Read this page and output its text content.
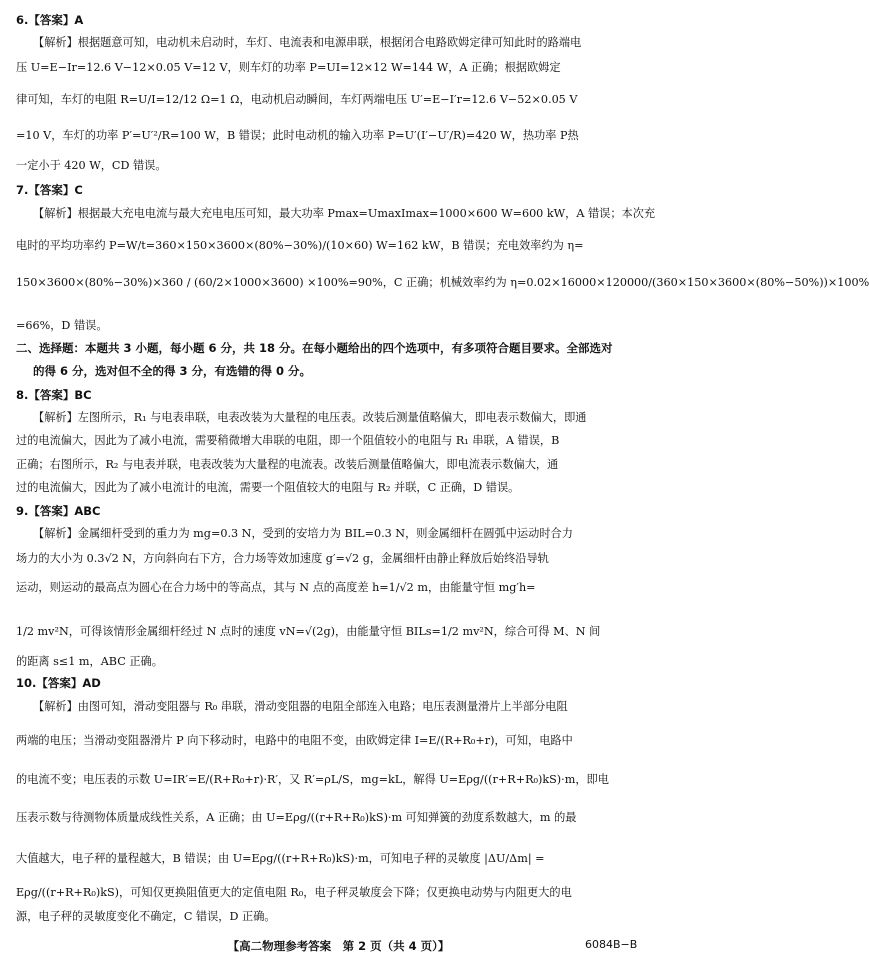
6.【答案】A
【解析】根据题意可知，电动机未启动时，车灯、电流表和电源串联，根据闭合电路欧姆定律可知此时的路端电
压 U=E−Ir=12.6 V−12×0.05 V=12 V，则车灯的功率 P=UI=12×12 W=144 W，A 正确；根据欧姆定
律可知，车灯的电阻 R=U/I=12/12 Ω=1 Ω，电动机启动瞬间，车灯两端电压 U′=E−I′r=12.6 V−52×0.05 V
=10 V，车灯的功率 P′=U′²/R=100 W，B 错误；此时电动机的输入功率 P=U′(I′−U′/R)=420 W，热功率 P热
一定小于 420 W，CD 错误。
7.【答案】C
【解析】根据最大充电电流与最大充电电压可知，最大功率 Pmax=UmaxImax=1000×600 W=600 kW，A 错误；本次充
电时的平均功率约 P=W/t=360×150×3600×(80%−30%)/(10×60) W=162 kW，B 错误；充电效率约为 η=
150×3600×(80%−30%)×360 / (60/2×1000×3600) ×100%=90%，C 正确；机械效率约为 η=0.02×16000×120000/(360×150×3600×(80%−50%))×100%
=66%，D 错误。
二、选择题：本题共 3 小题，每小题 6 分，共 18 分。在每小题给出的四个选项中，有多项符合题目要求。全部选对
的得 6 分，选对但不全的得 3 分，有选错的得 0 分。
8.【答案】BC
【解析】左图所示，R₁ 与电表串联，电表改装为大量程的电压表。改装后测量值略偏大，即电表示数偏大，即通
过的电流偏大，因此为了减小电流，需要稍微增大串联的电阻，即一个阻值较小的电阻与 R₁ 串联，A 错误，B
正确；右图所示，R₂ 与电表并联，电表改装为大量程的电流表。改装后测量值略偏大，即电流表示数偏大，通
过的电流偏大，因此为了减小电流计的电流，需要一个阻值较大的电阻与 R₂ 并联，C 正确，D 错误。
9.【答案】ABC
【解析】金属细杆受到的重力为 mg=0.3 N，受到的安培力为 BIL=0.3 N，则金属细杆在圆弧中运动时合力
场力的大小为 0.3√2 N，方向斜向右下方，合力场等效加速度 g′=√2 g，金属细杆由静止释放后始终沿导轨
运动，则运动的最高点为圆心在合力场中的等高点，其与 N 点的高度差 h=1/√2 m，由能量守恒 mg′h=
1/2 mv²N，可得该情形金属细杆经过 N 点时的速度 vN=√(2g)，由能量守恒 BILs=1/2 mv²N，综合可得 M、N 间
的距离 s≤1 m，ABC 正确。
10.【答案】AD
【解析】由图可知，滑动变阻器与 R₀ 串联，滑动变阻器的电阻全部连入电路；电压表测量滑片上半部分电阻
两端的电压；当滑动变阻器滑片 P 向下移动时，电路中的电阻不变，由欧姆定律 I=E/(R+R₀+r)，可知，电路中
的电流不变；电压表的示数 U=IR′=E/(R+R₀+r)·R′，又 R′=ρL/S，mg=kL，解得 U=Eρg/((r+R+R₀)kS)·m，即电
压表示数与待测物体质量成线性关系，A 正确；由 U=Eρg/((r+R+R₀)kS)·m 可知弹簧的劲度系数越大，m 的最
大值越大，电子秤的量程越大，B 错误；由 U=Eρg/((r+R+R₀)kS)·m，可知电子秤的灵敏度 |ΔU/Δm| =
Eρg/((r+R+R₀)kS)，可知仅更换阻值更大的定值电阻 R₀，电子秤灵敏度会下降；仅更换电动势与内阻更大的电
源，电子秤的灵敏度变化不确定，C 错误，D 正确。
【高二物理参考答案　第 2 页（共 4 页）】	6084B−B
